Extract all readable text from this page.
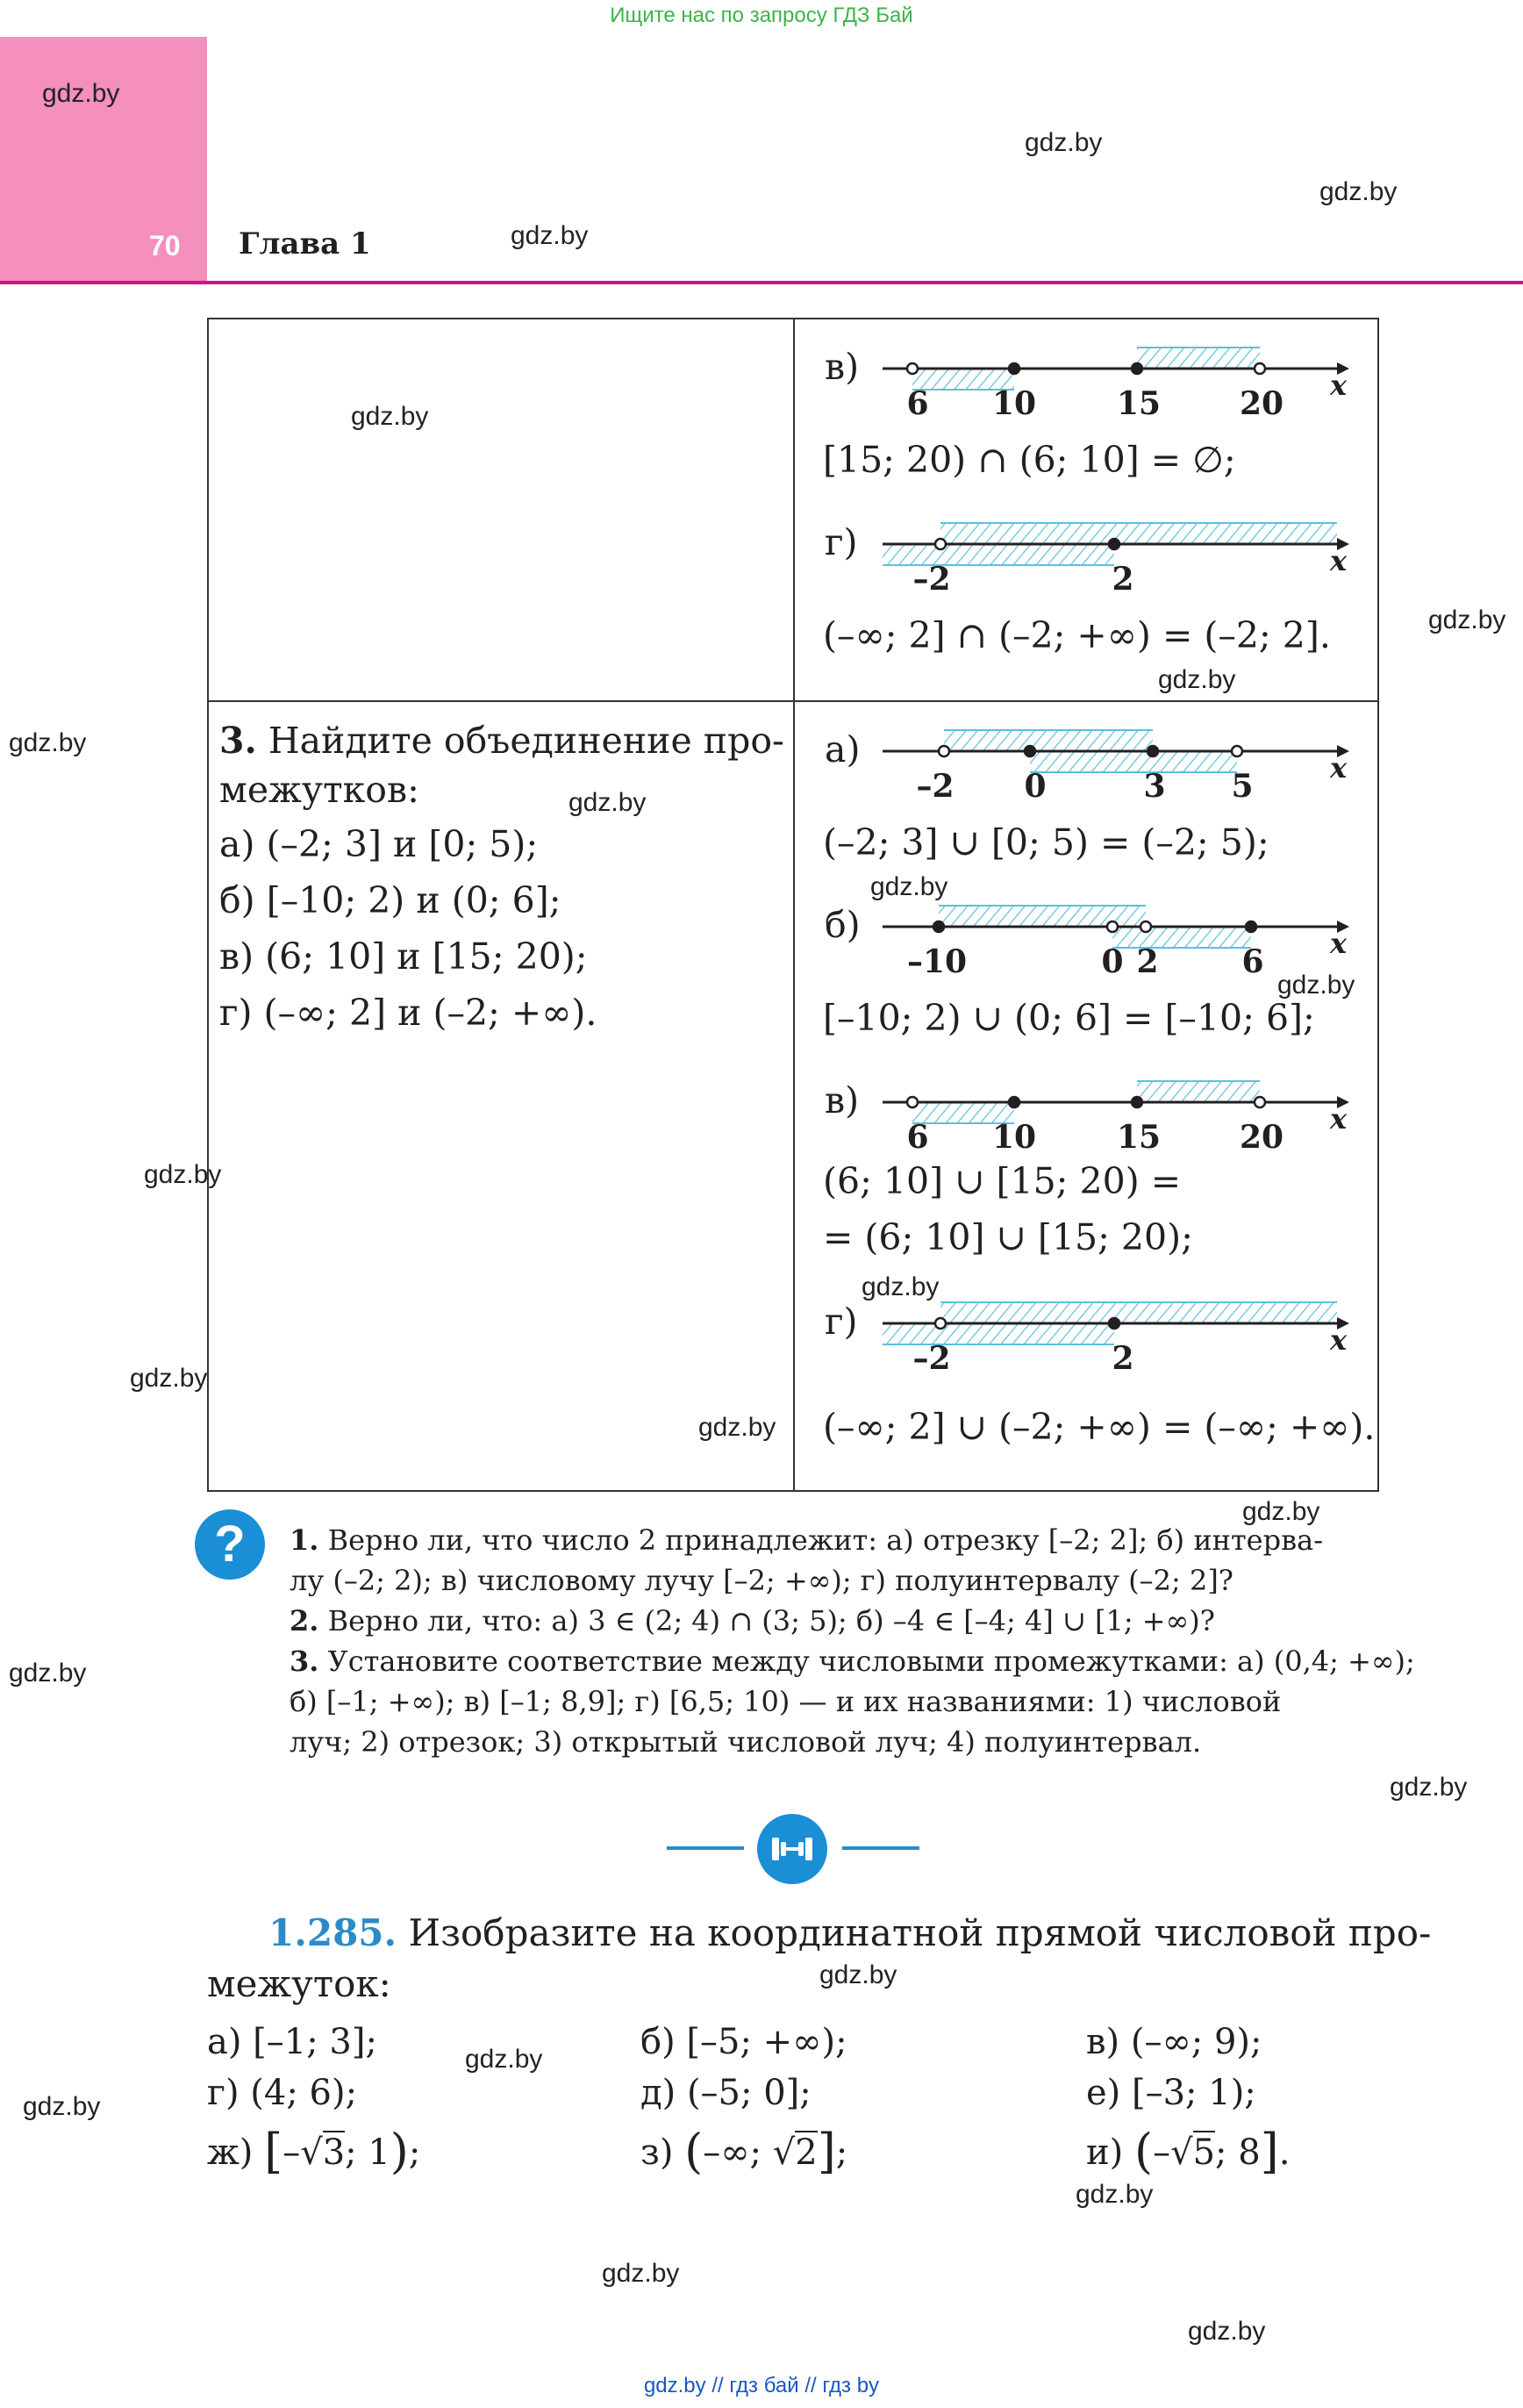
Ищите нас по запросу ГДЗ Бай
70 Глава 1
gdz.by
gdz.by
gdz.by
gdz.by
gdz.by
gdz.by
gdz.by
gdz.by
gdz.by
gdz.by
gdz.by
gdz.by
gdz.by
gdz.by
gdz.by
gdz.by
gdz.by
gdz.by
gdz.by
gdz.by
gdz.by
gdz.by
gdz.by
gdz.by
3. Найдите объединение про-
межутков:
а) (–2; 3] и [0; 5);
б) [–10; 2) и (0; 6];
в) (6; 10] и [15; 20);
г) (–∞; 2] и (–2; +∞).
x
6 10	15 20
x
–2	2
x
–2 0	3 5
x
–10	0 2	6
x
6 10	15 20
x
–2	2
в)
[15; 20) ∩ (6; 10] = ∅;
г)
(–∞; 2] ∩ (–2; +∞) = (–2; 2].
а)
(–2; 3] ∪ [0; 5) = (–2; 5);
б)
[–10; 2) ∪ (0; 6] = [–10; 6];
в)
(6; 10] ∪ [15; 20) =
= (6; 10] ∪ [15; 20);
г)
(–∞; 2] ∪ (–2; +∞) = (–∞; +∞).
?	1. Верно ли, что число 2 принадлежит: а) отрезку [–2; 2]; б) интерва-
лу (–2; 2); в) числовому лучу [–2; +∞); г) полуинтервалу (–2; 2]?
2. Верно ли, что: а) 3 ∈ (2; 4) ∩ (3; 5); б) –4 ∈ [–4; 4] ∪ [1; +∞)?
3. Установите соответствие между числовыми промежутками: а) (0,4; +∞);
б) [–1; +∞); в) [–1; 8,9]; г) [6,5; 10) — и их названиями: 1) числовой
луч; 2) отрезок; 3) открытый числовой луч; 4) полуинтервал.
1.285. Изобразите на координатной прямой числовой про-
межуток:
а) [–1; 3];	б) [–5; +∞);	в) (–∞; 9);
г) (4; 6);	д) (–5; 0];	е) [–3; 1);
ж) [–√3; 1);	з) (–∞; √2];	и) (–√5; 8].
gdz.by // гдз бай // гдз by
